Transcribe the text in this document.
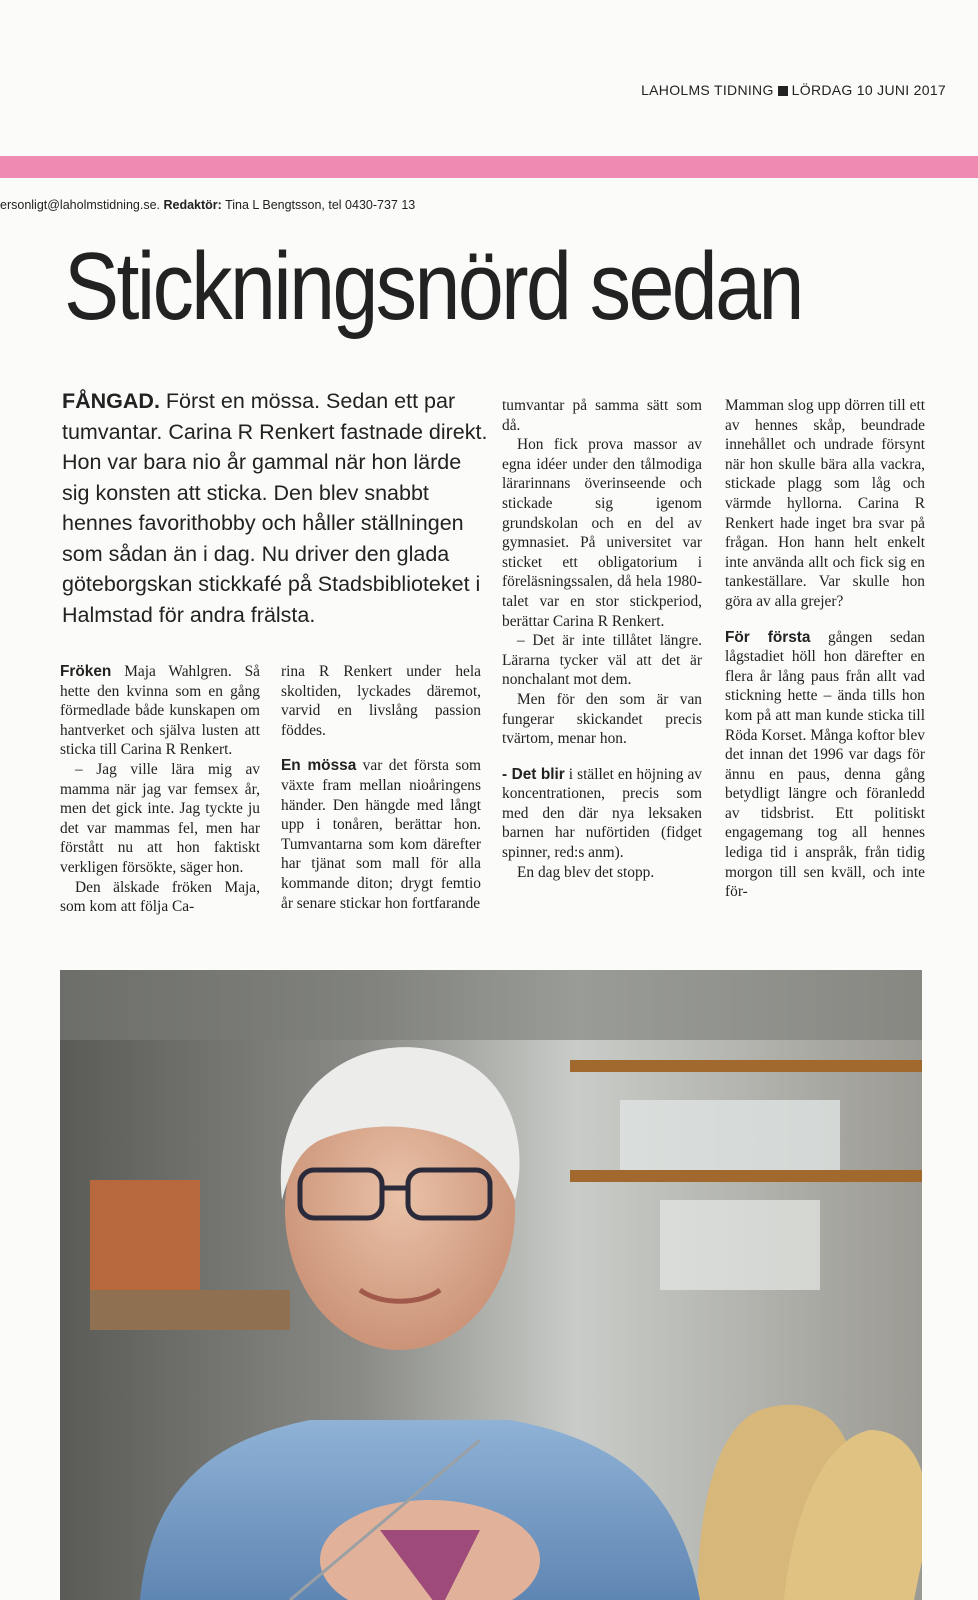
LAHOLMS TIDNING LÖRDAG 10 JUNI 2017
ersonligt@laholmstidning.se. Redaktör: Tina L Bengtsson, tel 0430-737 13
Stickningsnörd sedan
FÅNGAD. Först en mössa. Sedan ett par tumvantar. Carina R Renkert fastnade direkt. Hon var bara nio år gammal när hon lärde sig konsten att sticka. Den blev snabbt hennes favorithobby och håller ställningen som sådan än i dag. Nu driver den glada göteborgskan stickkafé på Stadsbiblioteket i Halmstad för andra frälsta.

Fröken Maja Wahlgren. Så hette den kvinna som en gång förmedlade både kunskapen om hantverket och själva lusten att sticka till Carina R Renkert.

– Jag ville lära mig av mamma när jag var femsex år, men det gick inte. Jag tyckte ju det var mammas fel, men har förstått nu att hon faktiskt verkligen försökte, säger hon.

Den älskade fröken Maja, som kom att följa Ca-

rina R Renkert under hela skoltiden, lyckades däremot, varvid en livslång passion föddes.

En mössa var det första som växte fram mellan nioåringens händer. Den hängde med långt upp i tonåren, berättar hon. Tumvantarna som kom därefter har tjänat som mall för alla kommande diton; drygt femtio år senare stickar hon fortfarande

tumvantar på samma sätt som då.

Hon fick prova massor av egna idéer under den tålmodiga lärarinnans överinseende och stickade sig igenom grundskolan och en del av gymnasiet. På universitet var sticket ett obligatorium i föreläsningssalen, då hela 1980-talet var en stor stickperiod, berättar Carina R Renkert.

– Det är inte tillåtet längre. Lärarna tycker väl att det är nonchalant mot dem.

Men för den som är van fungerar skickandet precis tvärtom, menar hon.

- Det blir i stället en höjning av koncentrationen, precis som med den där nya leksaken barnen har nuförtiden (fidget spinner, red:s anm).

En dag blev det stopp.

Mamman slog upp dörren till ett av hennes skåp, beundrade innehållet och undrade försynt när hon skulle bära alla vackra, stickade plagg som låg och värmde hyllorna. Carina R Renkert hade inget bra svar på frågan. Hon hann helt enkelt inte använda allt och fick sig en tankeställare. Var skulle hon göra av alla grejer?

För första gången sedan lågstadiet höll hon därefter en flera år lång paus från allt vad stickning hette – ända tills hon kom på att man kunde sticka till Röda Korset. Många koftor blev det innan det 1996 var dags för ännu en paus, denna gång betydligt längre och föranledd av tidsbrist. Ett politiskt engagemang tog all hennes lediga tid i anspråk, från tidig morgon till sen kväll, och inte för-
